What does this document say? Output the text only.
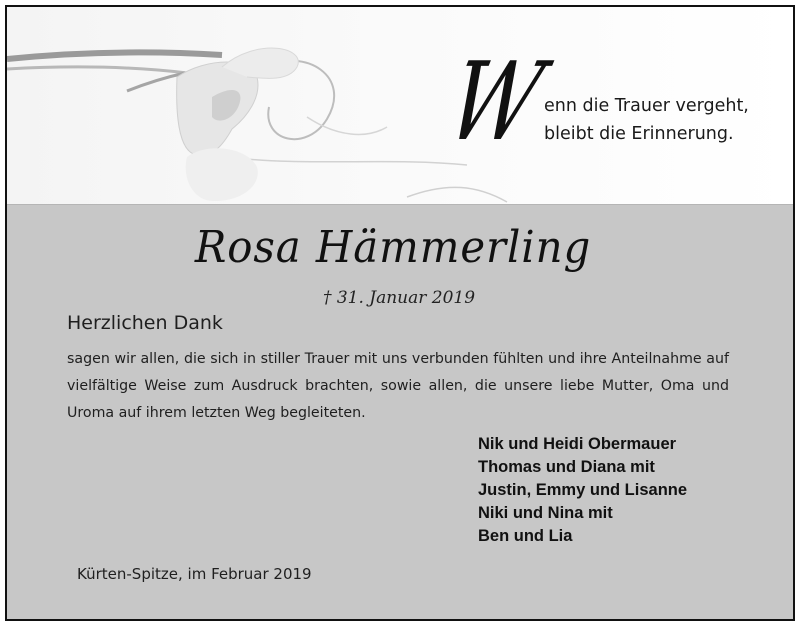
W
enn die Trauer vergeht,
bleibt die Erinnerung.
Rosa Hämmerling
† 31. Januar 2019
Herzlichen Dank
sagen wir allen, die sich in stiller Trauer mit uns verbunden fühlten und ihre Anteilnahme auf vielfältige Weise zum Ausdruck brachten, sowie allen, die unsere liebe Mutter, Oma und Uroma auf ihrem letzten Weg begleiteten.
Nik und Heidi Obermauer
Thomas und Diana mit
Justin, Emmy und Lisanne
Niki und Nina mit
Ben und Lia
Kürten-Spitze, im Februar 2019
